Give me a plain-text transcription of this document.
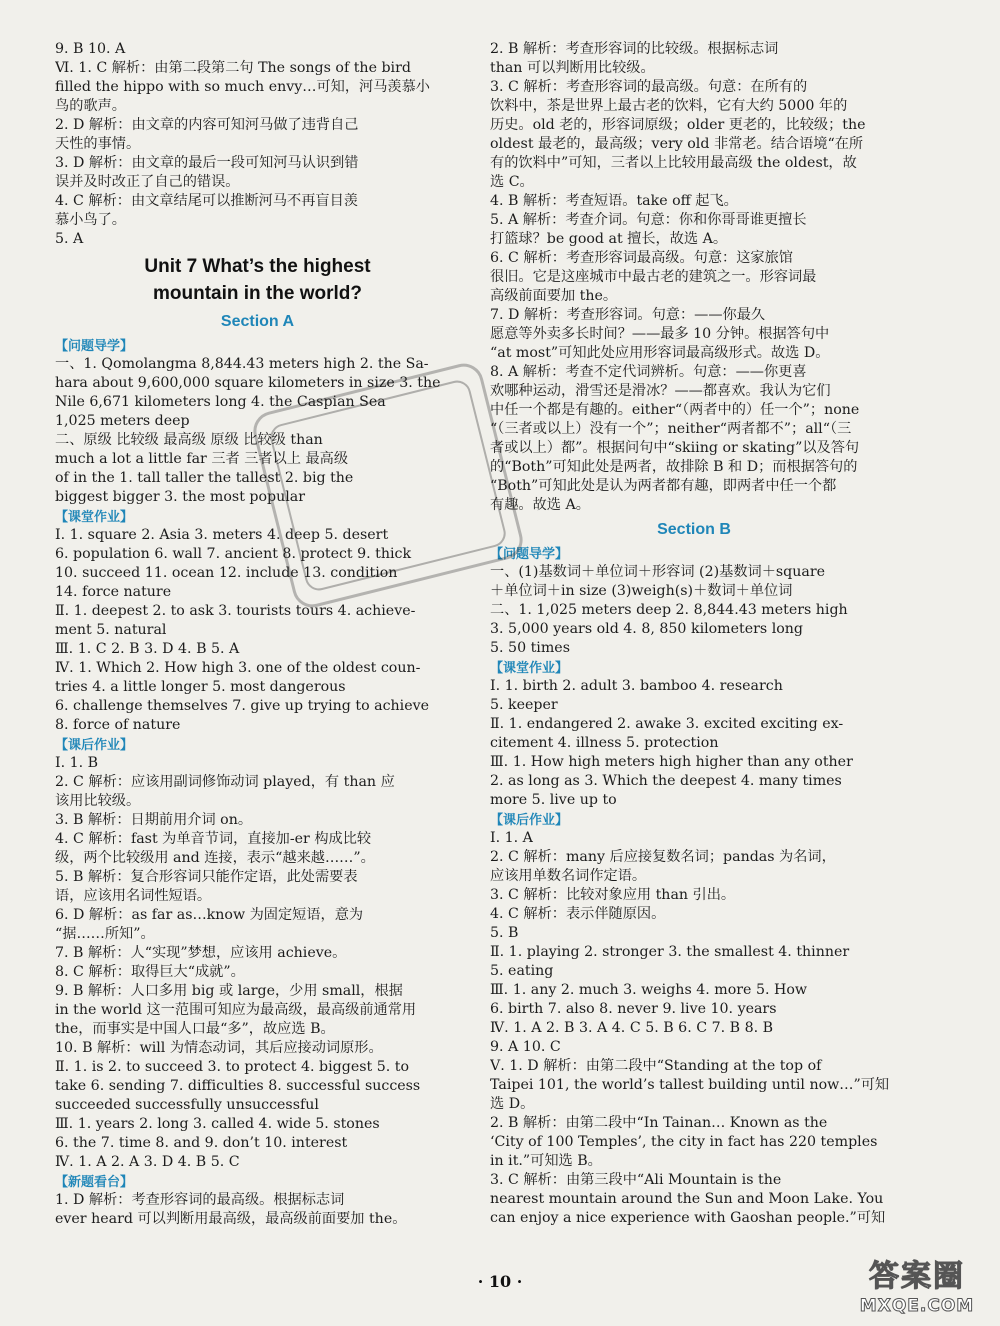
9. B 10. A
Ⅵ. 1. C 解析：由第二段第二句 The songs of the bird
filled the hippo with so much envy…可知，河马羡慕小
鸟的歌声。
2. D 解析：由文章的内容可知河马做了违背自己
天性的事情。
3. D 解析：由文章的最后一段可知河马认识到错
误并及时改正了自己的错误。
4. C 解析：由文章结尾可以推断河马不再盲目羡
慕小鸟了。
5. A
Unit 7 What’s the highest
mountain in the world?
Section A
【问题导学】
一、1. Qomolangma 8,844.43 meters high 2. the Sa-
hara about 9,600,000 square kilometers in size 3. the
Nile 6,671 kilometers long 4. the Caspian Sea
1,025 meters deep
二、原级 比较级 最高级 原级 比较级 than
much a lot a little far 三者 三者以上 最高级
of in the 1. tall taller the tallest 2. big the
biggest bigger 3. the most popular
【课堂作业】
Ⅰ. 1. square 2. Asia 3. meters 4. deep 5. desert
6. population 6. wall 7. ancient 8. protect 9. thick
10. succeed 11. ocean 12. include 13. condition
14. force nature
Ⅱ. 1. deepest 2. to ask 3. tourists tours 4. achieve-
ment 5. natural
Ⅲ. 1. C 2. B 3. D 4. B 5. A
Ⅳ. 1. Which 2. How high 3. one of the oldest coun-
tries 4. a little longer 5. most dangerous
6. challenge themselves 7. give up trying to achieve
8. force of nature
【课后作业】
Ⅰ. 1. B
2. C 解析：应该用副词修饰动词 played，有 than 应
该用比较级。
3. B 解析：日期前用介词 on。
4. C 解析：fast 为单音节词，直接加-er 构成比较
级，两个比较级用 and 连接，表示“越来越……”。
5. B 解析：复合形容词只能作定语，此处需要表
语，应该用名词性短语。
6. D 解析：as far as…know 为固定短语，意为
“据……所知”。
7. B 解析：人“实现”梦想，应该用 achieve。
8. C 解析：取得巨大“成就”。
9. B 解析：人口多用 big 或 large，少用 small，根据
in the world 这一范围可知应为最高级，最高级前通常用
the，而事实是中国人口最“多”，故应选 B。
10. B 解析：will 为情态动词，其后应接动词原形。
Ⅱ. 1. is 2. to succeed 3. to protect 4. biggest 5. to
take 6. sending 7. difficulties 8. successful success
succeeded successfully unsuccessful
Ⅲ. 1. years 2. long 3. called 4. wide 5. stones
6. the 7. time 8. and 9. don’t 10. interest
Ⅳ. 1. A 2. A 3. D 4. B 5. C
【新题看台】
1. D 解析：考查形容词的最高级。根据标志词
ever heard 可以判断用最高级，最高级前面要加 the。
2. B 解析：考查形容词的比较级。根据标志词
than 可以判断用比较级。
3. C 解析：考查形容词的最高级。句意：在所有的
饮料中，茶是世界上最古老的饮料，它有大约 5000 年的
历史。old 老的，形容词原级；older 更老的，比较级；the
oldest 最老的，最高级；very old 非常老。结合语境“在所
有的饮料中”可知，三者以上比较用最高级 the oldest，故
选 C。
4. B 解析：考查短语。take off 起飞。
5. A 解析：考查介词。句意：你和你哥哥谁更擅长
打篮球？be good at 擅长，故选 A。
6. C 解析：考查形容词最高级。句意：这家旅馆
很旧。它是这座城市中最古老的建筑之一。形容词最
高级前面要加 the。
7. D 解析：考查形容词。句意：——你最久
愿意等外卖多长时间？——最多 10 分钟。根据答句中
“at most”可知此处应用形容词最高级形式。故选 D。
8. A 解析：考查不定代词辨析。句意：——你更喜
欢哪种运动，滑雪还是滑冰？——都喜欢。我认为它们
中任一个都是有趣的。either“（两者中的）任一个”；none
“（三者或以上）没有一个”；neither“两者都不”；all“（三
者或以上）都”。根据问句中“skiing or skating”以及答句
的“Both”可知此处是两者，故排除 B 和 D；而根据答句的
“Both”可知此处是认为两者都有趣，即两者中任一个都
有趣。故选 A。
Section B
【问题导学】
一、(1)基数词＋单位词＋形容词 (2)基数词＋square
＋单位词＋in size (3)weigh(s)＋数词＋单位词
二、1. 1,025 meters deep 2. 8,844.43 meters high
3. 5,000 years old 4. 8, 850 kilometers long
5. 50 times
【课堂作业】
Ⅰ. 1. birth 2. adult 3. bamboo 4. research
5. keeper
Ⅱ. 1. endangered 2. awake 3. excited exciting ex-
citement 4. illness 5. protection
Ⅲ. 1. How high meters high higher than any other
2. as long as 3. Which the deepest 4. many times
more 5. live up to
【课后作业】
Ⅰ. 1. A
2. C 解析：many 后应接复数名词；pandas 为名词，
应该用单数名词作定语。
3. C 解析：比较对象应用 than 引出。
4. C 解析：表示伴随原因。
5. B
Ⅱ. 1. playing 2. stronger 3. the smallest 4. thinner
5. eating
Ⅲ. 1. any 2. much 3. weighs 4. more 5. How
6. birth 7. also 8. never 9. live 10. years
Ⅳ. 1. A 2. B 3. A 4. C 5. B 6. C 7. B 8. B
9. A 10. C
Ⅴ. 1. D 解析：由第二段中“Standing at the top of
Taipei 101, the world’s tallest building until now…”可知
选 D。
2. B 解析：由第二段中“In Tainan… Known as the
‘City of 100 Temples’, the city in fact has 220 temples
in it.”可知选 B。
3. C 解析：由第三段中“Ali Mountain is the
nearest mountain around the Sun and Moon Lake. You
can enjoy a nice experience with Gaoshan people.”可知
· 10 ·	答案圈
MXQE.COM
